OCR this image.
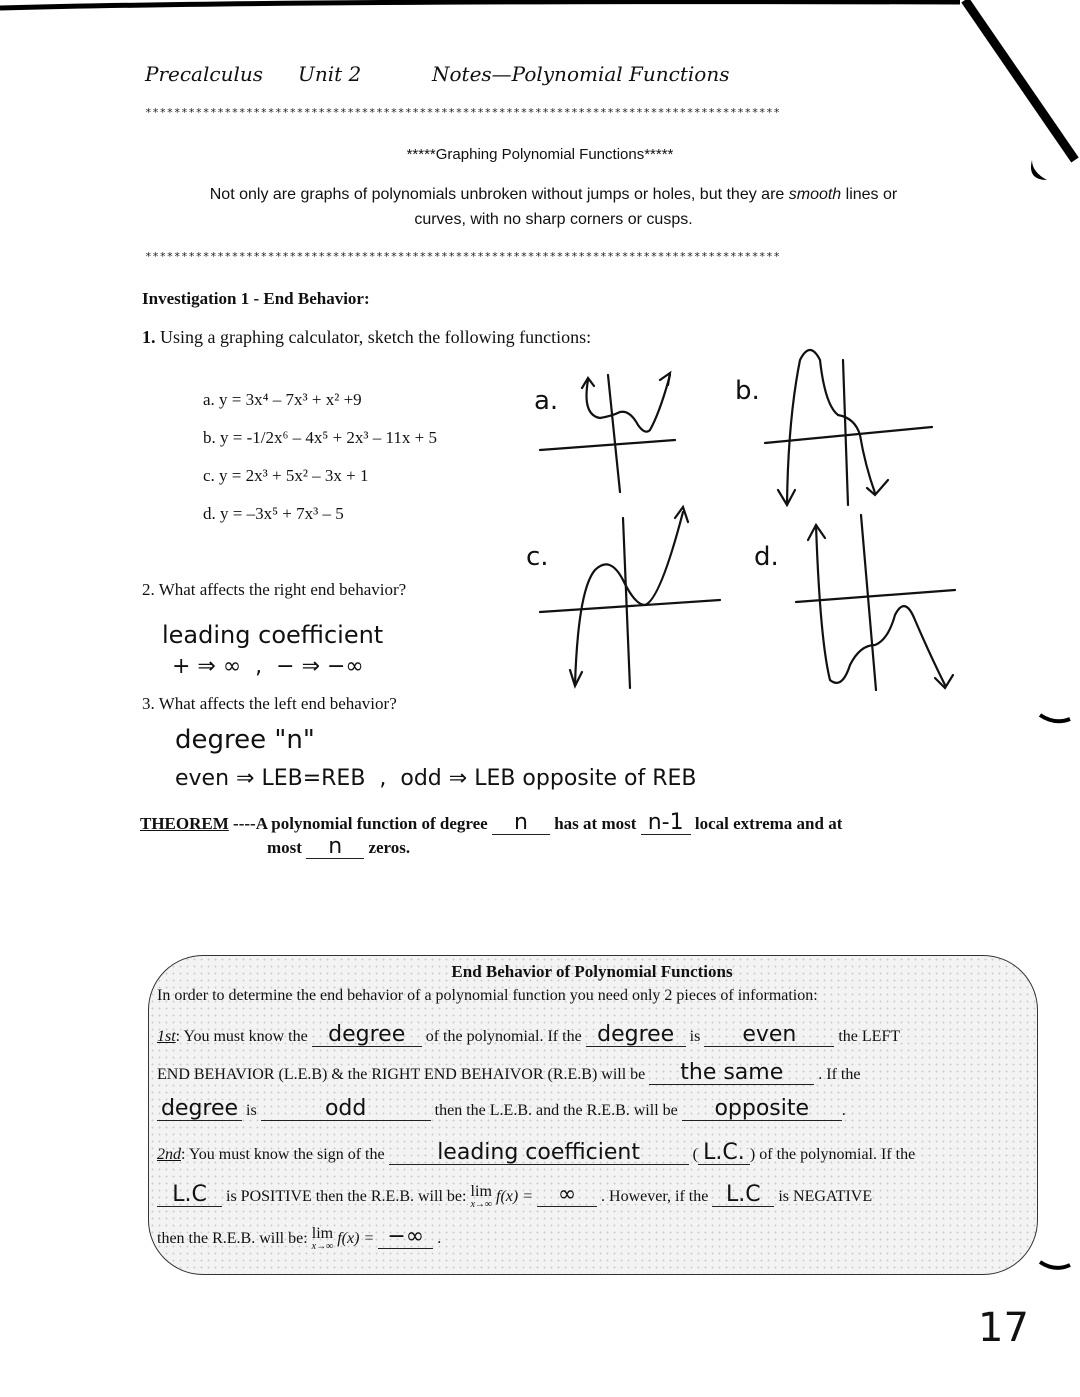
Precalculus Unit 2	Notes—Polynomial Functions
****************************************************************************************
*****Graphing Polynomial Functions*****
Not only are graphs of polynomials unbroken without jumps or holes, but they are smooth lines or
curves, with no sharp corners or cusps.
****************************************************************************************
Investigation 1 - End Behavior:
1. Using a graphing calculator, sketch the following functions:
a. y = 3x⁴ – 7x³ + x² +9
b. y = -1/2x⁶ – 4x⁵ + 2x³ – 11x + 5
c. y = 2x³ + 5x² – 3x + 1
d. y = –3x⁵ + 7x³ – 5
a.	b.
c.	d.
2. What affects the right end behavior?
leading coefficient
+ ⇒ ∞  ,  − ⇒ −∞
3. What affects the left end behavior?
degree "n"
even ⇒ LEB=REB  ,  odd ⇒ LEB opposite of REB
THEOREM ----A polynomial function of degree n has at most n-1 local extrema and at
most n zeros.
End Behavior of Polynomial Functions
In order to determine the end behavior of a polynomial function you need only 2 pieces of information:
1st: You must know the degree of the polynomial. If the degree is even the LEFT
END BEHAVIOR (L.E.B) & the RIGHT END BEHAIVOR (R.E.B) will be the same . If the
degree is	odd	then the L.E.B. and the R.E.B. will be opposite .
2nd: You must know the sign of the leading coefficient	( L.C. ) of the polynomial. If the
L.C is POSITIVE then the R.E.B. will be: lim
x→∞ f(x) = ∞ . However, if the L.C is NEGATIVE
then the R.E.B. will be: lim
x→∞ f(x) = −∞ .
17
